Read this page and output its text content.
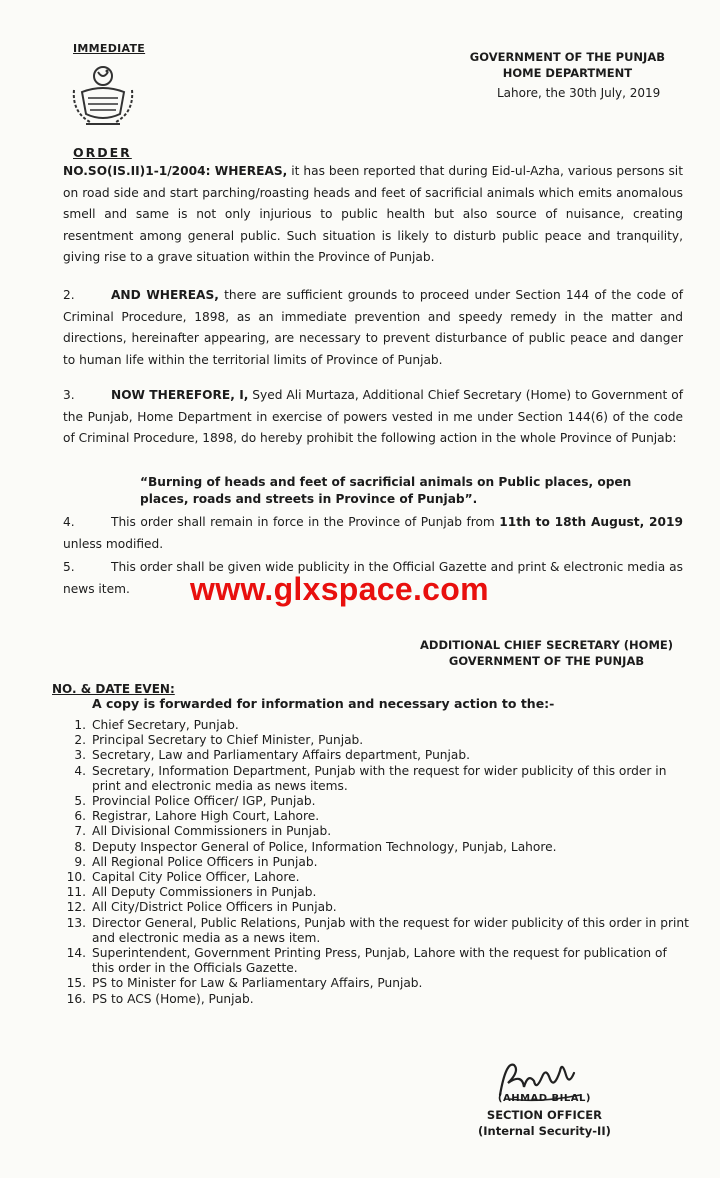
IMMEDIATE
GOVERNMENT OF THE PUNJAB
HOME DEPARTMENT
Lahore, the 30th July, 2019
ORDER
NO.SO(IS.II)1-1/2004: WHEREAS, it has been reported that during Eid-ul-Azha, various persons sit on road side and start parching/roasting heads and feet of sacrificial animals which emits anomalous smell and same is not only injurious to public health but also source of nuisance, creating resentment among general public. Such situation is likely to disturb public peace and tranquility, giving rise to a grave situation within the Province of Punjab.
2.	AND WHEREAS, there are sufficient grounds to proceed under Section 144 of the code of Criminal Procedure, 1898, as an immediate prevention and speedy remedy in the matter and directions, hereinafter appearing, are necessary to prevent disturbance of public peace and danger to human life within the territorial limits of Province of Punjab.
3.	NOW THEREFORE, I, Syed Ali Murtaza, Additional Chief Secretary (Home) to Government of the Punjab, Home Department in exercise of powers vested in me under Section 144(6) of the code of Criminal Procedure, 1898, do hereby prohibit the following action in the whole Province of Punjab:
“Burning of heads and feet of sacrificial animals on Public places, open places, roads and streets in Province of Punjab”.
4.	This order shall remain in force in the Province of Punjab from 11th to 18th August, 2019 unless modified.
5.	This order shall be given wide publicity in the Official Gazette and print & electronic media as news item.	www.glxspace.com
ADDITIONAL CHIEF SECRETARY (HOME)
GOVERNMENT OF THE PUNJAB
NO. & DATE EVEN:
A copy is forwarded for information and necessary action to the:-
1. Chief Secretary, Punjab.
2. Principal Secretary to Chief Minister, Punjab.
3. Secretary, Law and Parliamentary Affairs department, Punjab.
4. Secretary, Information Department, Punjab with the request for wider publicity of this order in print and electronic media as news items.
5. Provincial Police Officer/ IGP, Punjab.
6. Registrar, Lahore High Court, Lahore.
7. All Divisional Commissioners in Punjab.
8. Deputy Inspector General of Police, Information Technology, Punjab, Lahore.
9. All Regional Police Officers in Punjab.
10. Capital City Police Officer, Lahore.
11. All Deputy Commissioners in Punjab.
12. All City/District Police Officers in Punjab.
13. Director General, Public Relations, Punjab with the request for wider publicity of this order in print and electronic media as a news item.
14. Superintendent, Government Printing Press, Punjab, Lahore with the request for publication of this order in the Officials Gazette.
15. PS to Minister for Law & Parliamentary Affairs, Punjab.
16. PS to ACS (Home), Punjab.
(AHMAD BILAL)
SECTION OFFICER
(Internal Security-II)
